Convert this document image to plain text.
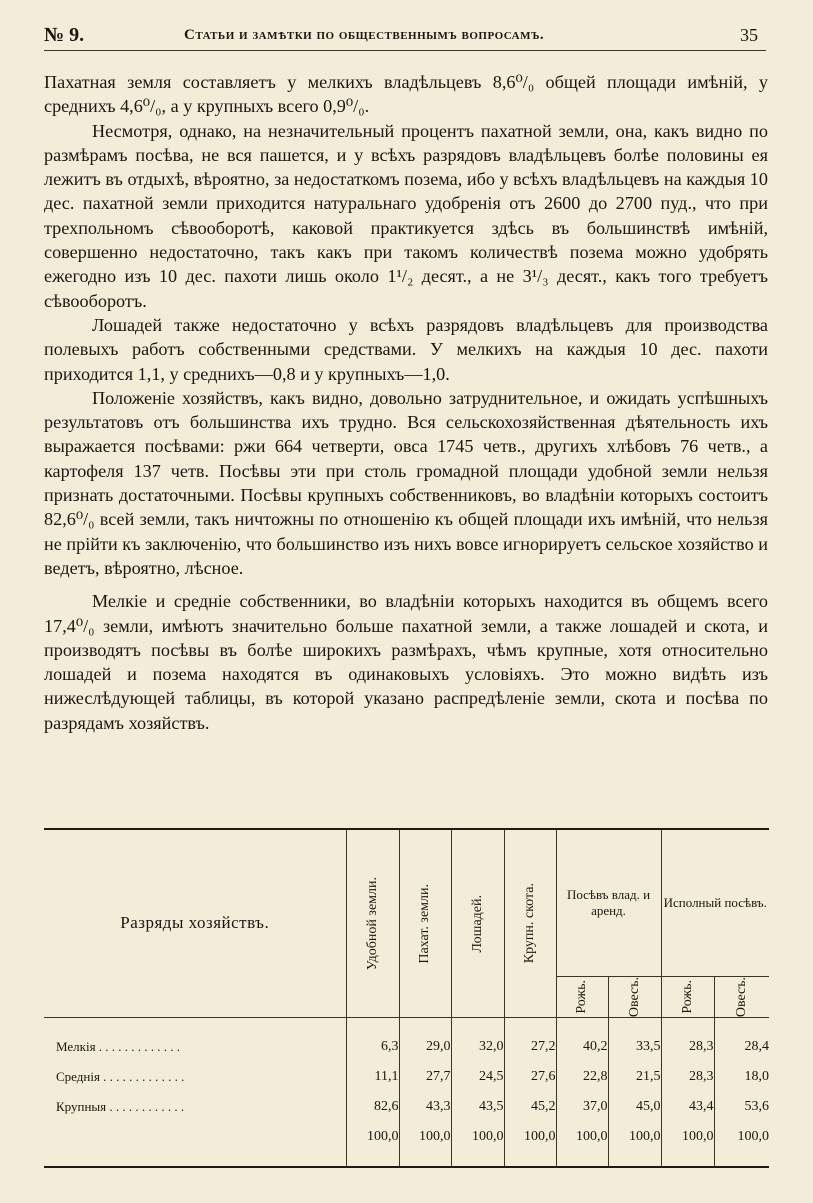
№ 9.	Статьи и замѣтки по общественнымъ вопросамъ.	35

Пахатная земля составляетъ у мелкихъ владѣльцевъ 8,6⁰/₀ общей площади имѣній, у среднихъ 4,6⁰/₀, а у крупныхъ всего 0,9⁰/₀.

Несмотря, однако, на незначительный процентъ пахатной земли, она, какъ видно по размѣрамъ посѣва, не вся пашется, и у всѣхъ разрядовъ владѣльцевъ болѣе половины ея лежитъ въ отдыхѣ, вѣроятно, за недостаткомъ позема, ибо у всѣхъ владѣльцевъ на каждыя 10 дес. пахатной земли приходится натуральнаго удобренія отъ 2600 до 2700 пуд., что при трехпольномъ сѣвооборотѣ, каковой практикуется здѣсь въ большинствѣ имѣній, совершенно недостаточно, такъ какъ при такомъ количествѣ позема можно удобрять ежегодно изъ 10 дес. пахоти лишь около 1¹/₂ десят., а не 3¹/₃ десят., какъ того требуетъ сѣвооборотъ.

Лошадей также недостаточно у всѣхъ разрядовъ владѣльцевъ для производства полевыхъ работъ собственными средствами. У мелкихъ на каждыя 10 дес. пахоти приходится 1,1, у среднихъ—0,8 и у крупныхъ—1,0.

Положеніе хозяйствъ, какъ видно, довольно затруднительное, и ожидать успѣшныхъ результатовъ отъ большинства ихъ трудно. Вся сельскохозяйственная дѣятельность ихъ выражается посѣвами: ржи 664 четверти, овса 1745 четв., другихъ хлѣбовъ 76 четв., а картофеля 137 четв. Посѣвы эти при столь громадной площади удобной земли нельзя признать достаточными. Посѣвы крупныхъ собственниковъ, во владѣніи которыхъ состоитъ 82,6⁰/₀ всей земли, такъ ничтожны по отношенію къ общей площади ихъ имѣній, что нельзя не прійти къ заключенію, что большинство изъ нихъ вовсе игнорируетъ сельское хозяйство и ведетъ, вѣроятно, лѣсное.

Мелкіе и средніе собственники, во владѣніи которыхъ находится въ общемъ всего 17,4⁰/₀ земли, имѣютъ значительно больше пахатной земли, а также лошадей и скота, и производятъ посѣвы въ болѣе широкихъ размѣрахъ, чѣмъ крупные, хотя относительно лошадей и позема находятся въ одинаковыхъ условіяхъ. Это можно видѣть изъ нижеслѣдующей таблицы, въ которой указано распредѣленіе земли, скота и посѣва по разрядамъ хозяйствъ.

Разряды хозяйствъ.	Удобной земли.	Пахат. земли.	Лошадей.	Крупн. скота.	Посѣвъ влад. и аренд.		Исполный посѣвъ.	

					Рожь.	Овесъ.	Рожь.	Овесъ.

Мелкія . . . . . . . . . . . . .	6,3	29,0	32,0	27,2	40,2	33,5	28,3	28,4
Среднія . . . . . . . . . . . . .	11,1	27,7	24,5	27,6	22,8	21,5	28,3	18,0
Крупныя . . . . . . . . . . . .	82,6	43,3	43,5	45,2	37,0	45,0	43,4	53,6
	100,0	100,0	100,0	100,0	100,0	100,0	100,0	100,0
